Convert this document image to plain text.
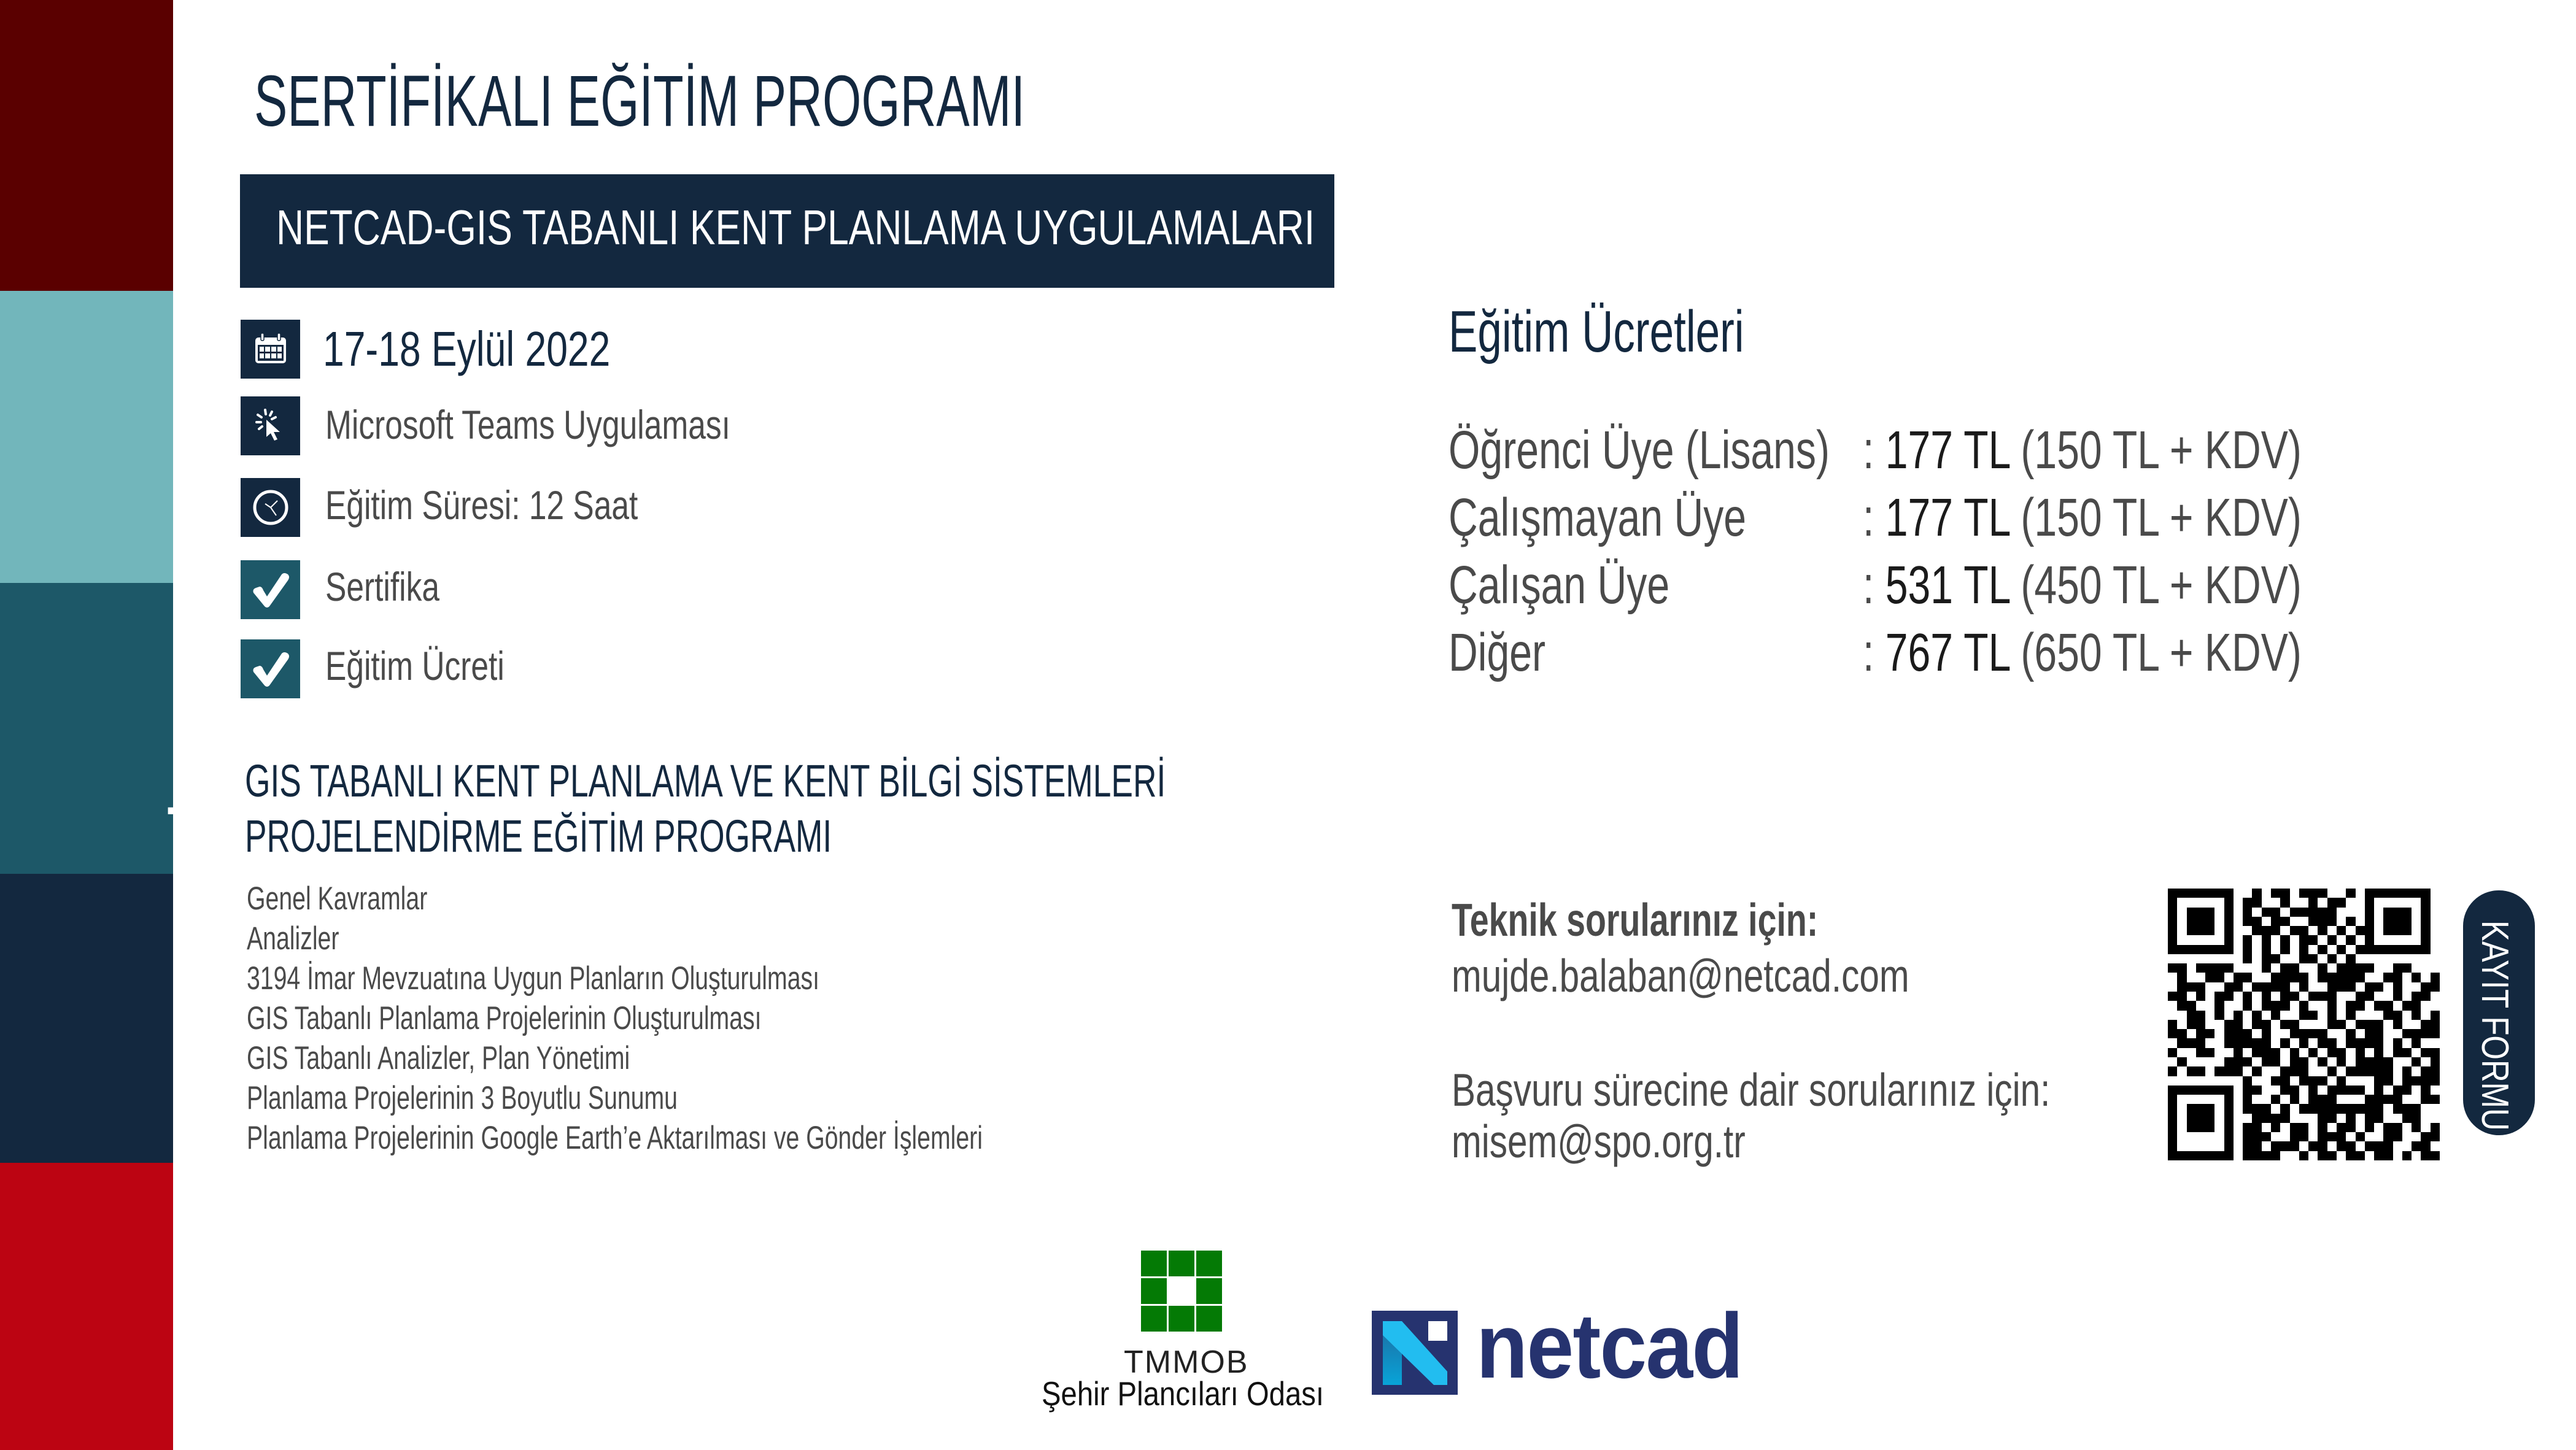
SERTİFİKALI EĞİTİM PROGRAMI
NETCAD-GIS TABANLI KENT PLANLAMA UYGULAMALARI
17-18 Eylül 2022
Microsoft Teams Uygulaması
Eğitim Süresi: 12 Saat
Sertifika
Eğitim Ücreti
GIS TABANLI KENT PLANLAMA VE KENT BİLGİ SİSTEMLERİ
PROJELENDİRME EĞİTİM PROGRAMI
Genel Kavramlar
Analizler
3194 İmar Mevzuatına Uygun Planların Oluşturulması
GIS Tabanlı Planlama Projelerinin Oluşturulması
GIS Tabanlı Analizler, Plan Yönetimi
Planlama Projelerinin 3 Boyutlu Sunumu
Planlama Projelerinin Google Earth’e Aktarılması ve Gönder İşlemleri
Eğitim Ücretleri
Öğrenci Üye (Lisans) : 177 TL (150 TL + KDV)
Çalışmayan Üye	: 177 TL (150 TL + KDV)
Çalışan Üye	: 531 TL (450 TL + KDV)
Diğer	: 767 TL (650 TL + KDV)
Teknik sorularınız için:
mujde.balaban@netcad.com
Başvuru sürecine dair sorularınız için:
misem@spo.org.tr
KAYIT FORMU
TMMOB
Şehir Plancıları Odası	netcad
